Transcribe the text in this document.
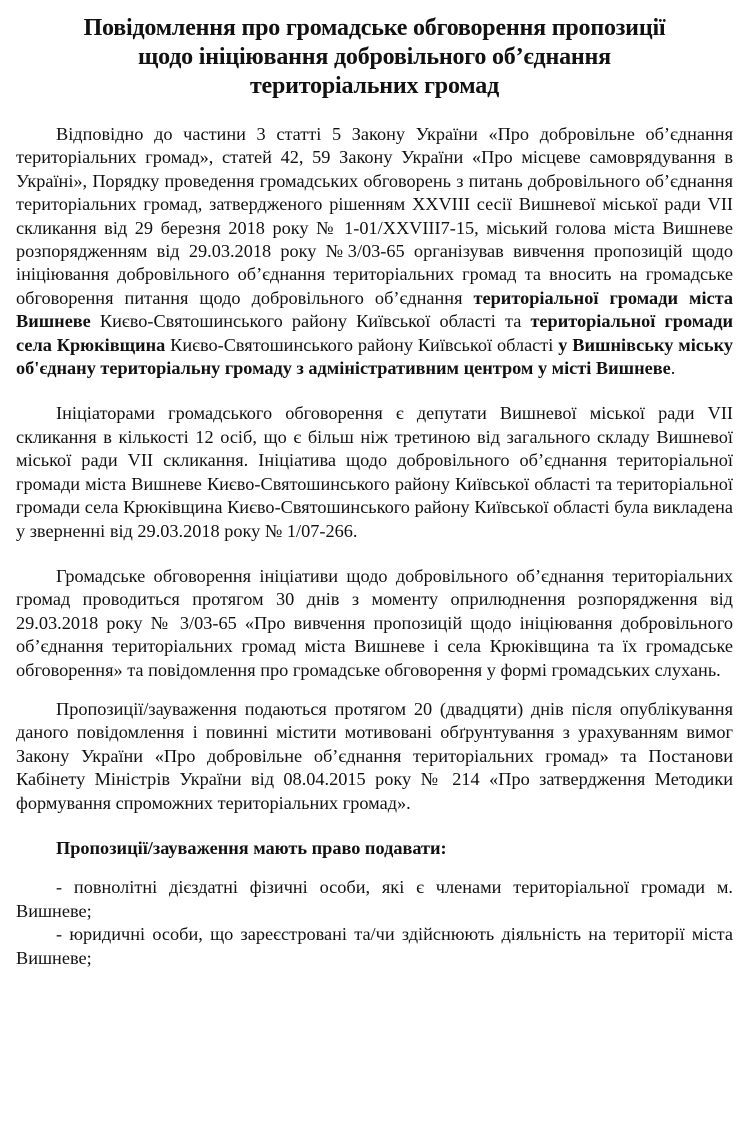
Повідомлення про громадське обговорення пропозиції
щодо ініціювання добровільного об’єднання
територіальних громад

Відповідно до частини 3 статті 5 Закону України «Про добровільне об’єднання територіальних громад», статей 42, 59 Закону України «Про місцеве самоврядування в Україні», Порядку проведення громадських обговорень з питань добровільного об’єднання територіальних громад, затвердженого рішенням XXVIII сесії Вишневої міської ради VII скликання від 29 березня 2018 року № 1-01/XXVIII7-15, міський голова міста Вишневе розпорядженням від 29.03.2018 року №3/03-65 організував вивчення пропозицій щодо ініціювання добровільного об’єднання територіальних громад та вносить на громадське обговорення питання щодо добровільного об’єднання територіальної громади міста Вишневе Києво-Святошинського району Київської області та територіальної громади села Крюківщина Києво-Святошинського району Київської області у Вишнівську міську об'єднану територіальну громаду з адміністративним центром у місті Вишневе.

Ініціаторами громадського обговорення є депутати Вишневої міської ради VII скликання в кількості 12 осіб, що є більш ніж третиною від загального складу Вишневої міської ради VII скликання. Ініціатива щодо добровільного об’єднання територіальної громади міста Вишневе Києво-Святошинського району Київської області та територіальної громади села Крюківщина Києво-Святошинського району Київської області була викладена у зверненні від 29.03.2018 року № 1/07-266.

Громадське обговорення ініціативи щодо добровільного об’єднання територіальних громад проводиться протягом 30 днів з моменту оприлюднення розпорядження від 29.03.2018 року № 3/03-65 «Про вивчення пропозицій щодо ініціювання добровільного об’єднання територіальних громад міста Вишневе і села Крюківщина та їх громадське обговорення» та повідомлення про громадське обговорення у формі громадських слухань.

Пропозиції/зауваження подаються протягом 20 (двадцяти) днів після опублікування даного повідомлення і повинні містити мотивовані обґрунтування з урахуванням вимог Закону України «Про добровільне об’єднання територіальних громад» та Постанови Кабінету Міністрів України від 08.04.2015 року № 214 «Про затвердження Методики формування спроможних територіальних громад».

Пропозиції/зауваження мають право подавати:

- повнолітні дієздатні фізичні особи, які є членами територіальної громади м. Вишневе;

- юридичні особи, що зареєстровані та/чи здійснюють діяльність на території міста Вишневе;
